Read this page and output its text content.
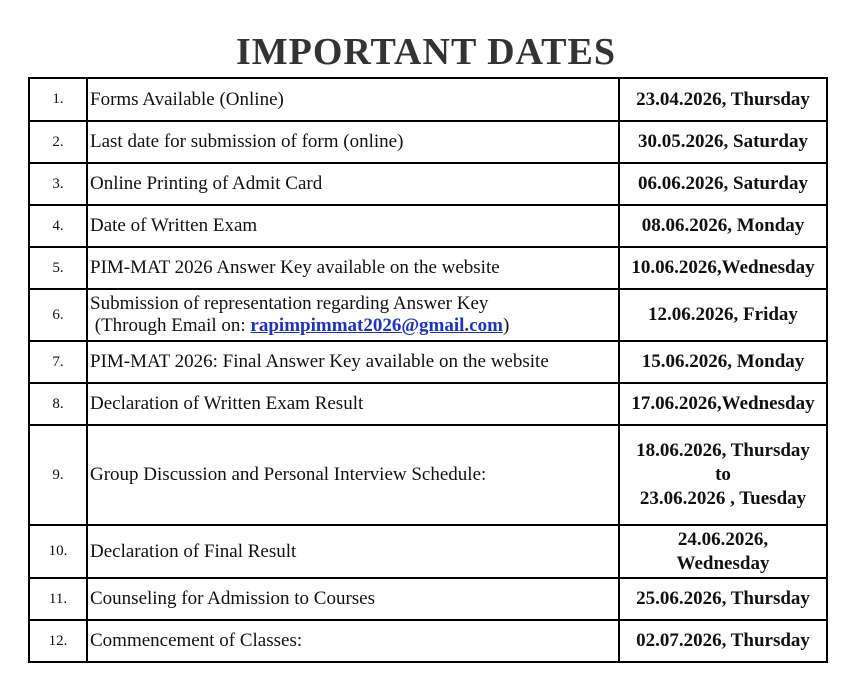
IMPORTANT DATES
1.	Forms Available (Online)	23.04.2026, Thursday
2.	Last date for submission of form (online)	30.05.2026, Saturday
3.	Online Printing of Admit Card	06.06.2026, Saturday
4.	Date of Written Exam	08.06.2026, Monday
5.	PIM-MAT 2026 Answer Key available on the website	10.06.2026,Wednesday
6.	Submission of representation regarding Answer Key
(Through Email on: rapimpimmat2026@gmail.com)	12.06.2026, Friday
7.	PIM-MAT 2026: Final Answer Key available on the website	15.06.2026, Monday
8.	Declaration of Written Exam Result	17.06.2026,Wednesday
9.	Group Discussion and Personal Interview Schedule:	18.06.2026, Thursday
to
23.06.2026 , Tuesday

10.	Declaration of Final Result	24.06.2026,
Wednesday

11.	Counseling for Admission to Courses	25.06.2026, Thursday
12.	Commencement of Classes:	02.07.2026, Thursday
